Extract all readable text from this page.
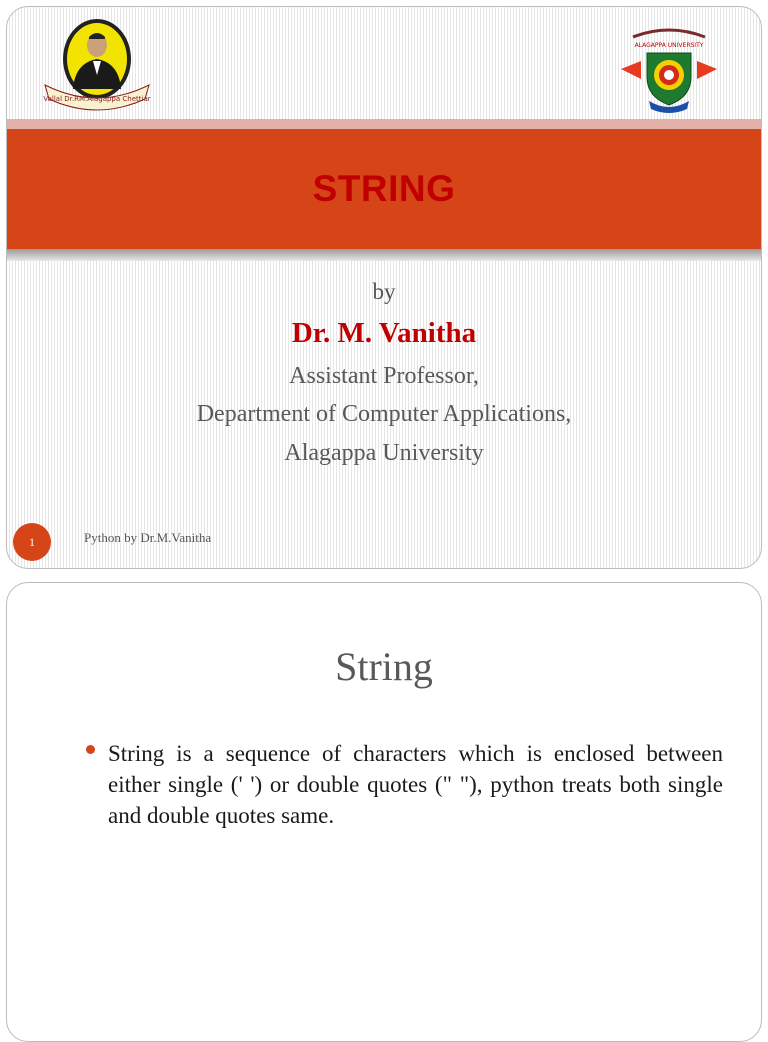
Vallal Dr.RM.Alagappa Chettiar
ALAGAPPA UNIVERSITY
STRING
by
Dr. M. Vanitha
Assistant Professor,
Department of Computer Applications,
Alagappa University
1	Python by Dr.M.Vanitha
String
String is a sequence of characters which is enclosed between either single (' ') or double quotes (" "), python treats both single and double quotes same.
